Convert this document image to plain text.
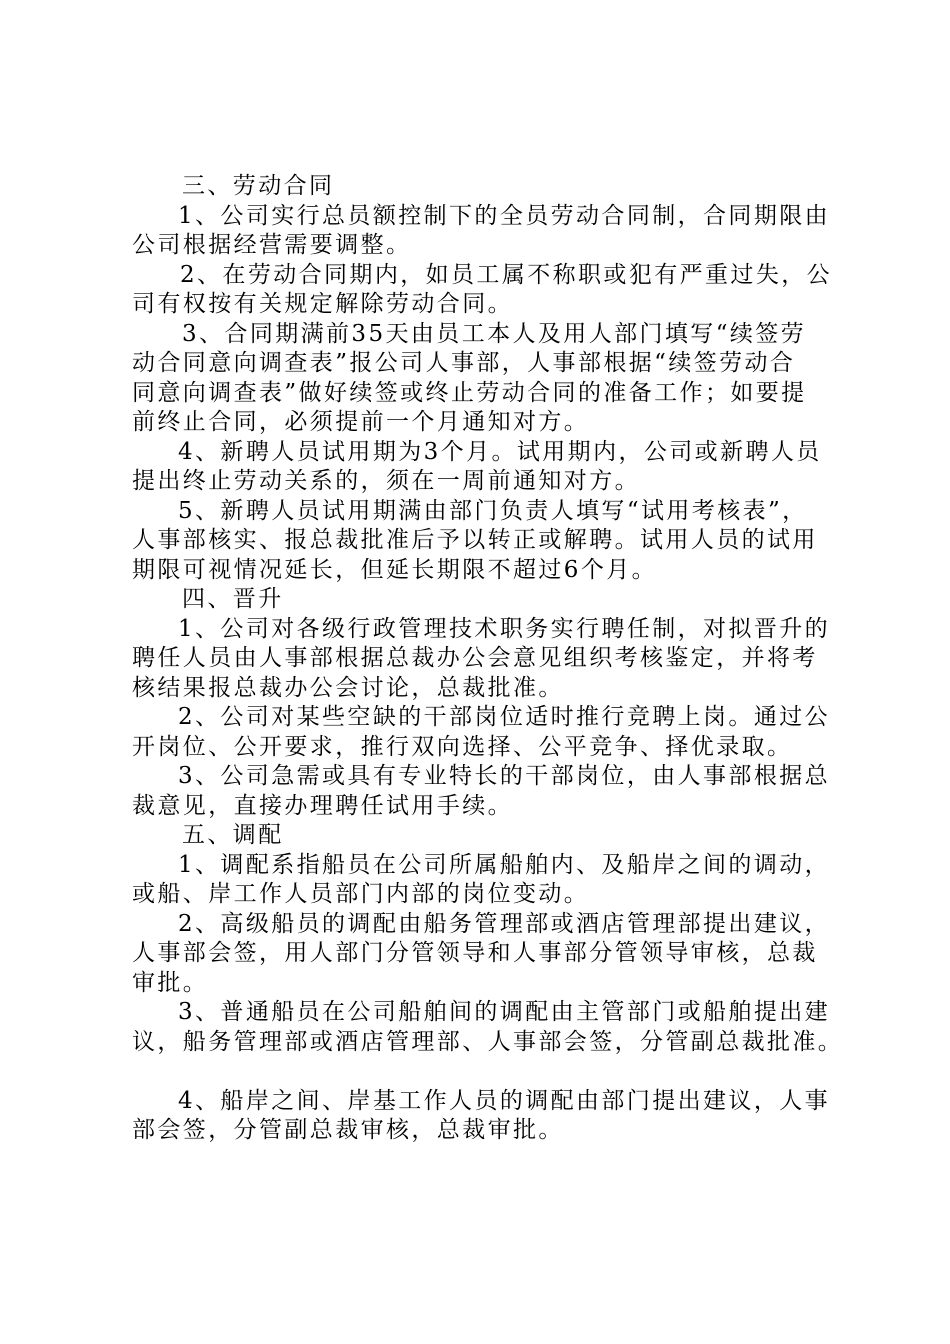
三、劳动合同
1、公司实行总员额控制下的全员劳动合同制，合同期限由
公司根据经营需要调整。
2、在劳动合同期内，如员工属不称职或犯有严重过失，公
司有权按有关规定解除劳动合同。
3、合同期满前35天由员工本人及用人部门填写“续签劳
动合同意向调查表”报公司人事部，人事部根据“续签劳动合
同意向调查表”做好续签或终止劳动合同的准备工作；如要提
前终止合同，必须提前一个月通知对方。
4、新聘人员试用期为3个月。试用期内，公司或新聘人员
提出终止劳动关系的，须在一周前通知对方。
5、新聘人员试用期满由部门负责人填写“试用考核表”，
人事部核实、报总裁批准后予以转正或解聘。试用人员的试用
期限可视情况延长，但延长期限不超过6个月。
四、晋升
1、公司对各级行政管理技术职务实行聘任制，对拟晋升的
聘任人员由人事部根据总裁办公会意见组织考核鉴定，并将考
核结果报总裁办公会讨论，总裁批准。
2、公司对某些空缺的干部岗位适时推行竞聘上岗。通过公
开岗位、公开要求，推行双向选择、公平竞争、择优录取。
3、公司急需或具有专业特长的干部岗位，由人事部根据总
裁意见，直接办理聘任试用手续。
五、调配
1、调配系指船员在公司所属船舶内、及船岸之间的调动，
或船、岸工作人员部门内部的岗位变动。
2、高级船员的调配由船务管理部或酒店管理部提出建议，
人事部会签，用人部门分管领导和人事部分管领导审核，总裁
审批。
3、普通船员在公司船舶间的调配由主管部门或船舶提出建
议，船务管理部或酒店管理部、人事部会签，分管副总裁批准。
4、船岸之间、岸基工作人员的调配由部门提出建议，人事
部会签，分管副总裁审核，总裁审批。
